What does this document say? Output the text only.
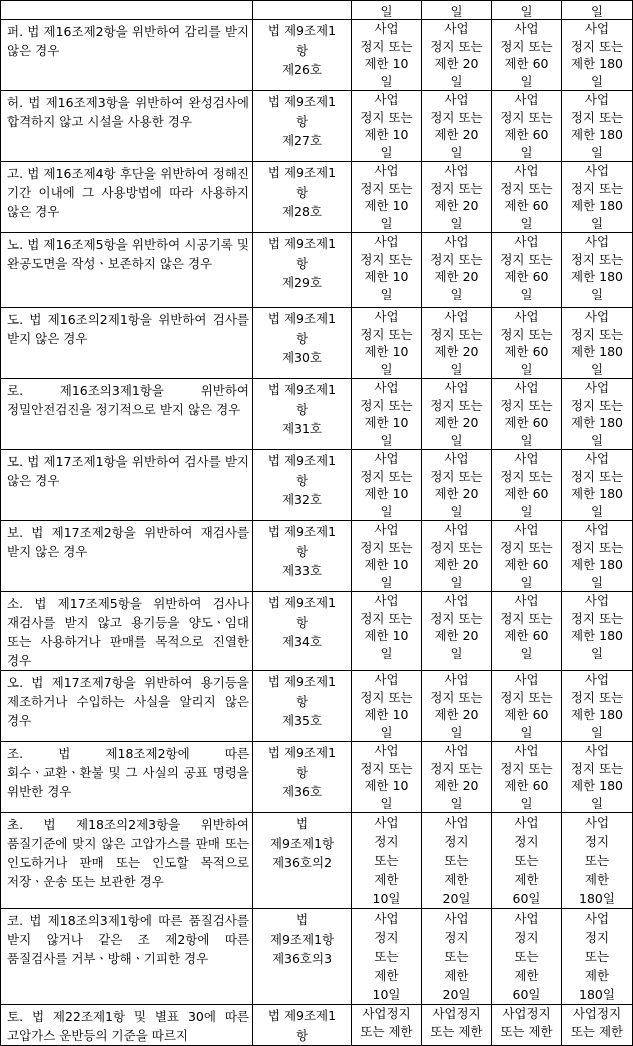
		일	일	일	일
퍼. 법 제16조제2항을 위반하여 감리를 받지 않은 경우	법 제9조제1
항
제26호	사업
정지 또는
제한 10
일	사업
정지 또는
제한 20
일	사업
정지 또는
제한 60
일	사업
정지 또는
제한 180
일

허. 법 제16조제3항을 위반하여 완성검사에 합격하지 않고 시설을 사용한 경우	법 제9조제1
항
제27호	사업
정지 또는
제한 10
일	사업
정지 또는
제한 20
일	사업
정지 또는
제한 60
일	사업
정지 또는
제한 180
일

고. 법 제16조제4항 후단을 위반하여 정해진 기간 이내에 그 사용방법에 따라 사용하지 않은 경우	법 제9조제1
항
제28호	사업
정지 또는
제한 10
일	사업
정지 또는
제한 20
일	사업
정지 또는
제한 60
일	사업
정지 또는
제한 180
일

노. 법 제16조제5항을 위반하여 시공기록 및 완공도면을 작성ㆍ보존하지 않은 경우	법 제9조제1
항
제29호	사업
정지 또는
제한 10
일	사업
정지 또는
제한 20
일	사업
정지 또는
제한 60
일	사업
정지 또는
제한 180
일

도. 법 제16조의2제1항을 위반하여 검사를 받지 않은 경우	법 제9조제1
항
제30호	사업
정지 또는
제한 10
일	사업
정지 또는
제한 20
일	사업
정지 또는
제한 60
일	사업
정지 또는
제한 180
일

로. 제16조의3제1항을 위반하여 정밀안전검진을 정기적으로 받지 않은 경우	법 제9조제1
항
제31호	사업
정지 또는
제한 10
일	사업
정지 또는
제한 20
일	사업
정지 또는
제한 60
일	사업
정지 또는
제한 180
일

모. 법 제17조제1항을 위반하여 검사를 받지 않은 경우	법 제9조제1
항
제32호	사업
정지 또는
제한 10
일	사업
정지 또는
제한 20
일	사업
정지 또는
제한 60
일	사업
정지 또는
제한 180
일

보. 법 제17조제2항을 위반하여 재검사를 받지 않은 경우	법 제9조제1
항
제33호	사업
정지 또는
제한 10
일	사업
정지 또는
제한 20
일	사업
정지 또는
제한 60
일	사업
정지 또는
제한 180
일

소. 법 제17조제5항을 위반하여 검사나 재검사를 받지 않고 용기등을 양도ㆍ임대 또는 사용하거나 판매를 목적으로 진열한 경우	법 제9조제1
항
제34호	사업
정지 또는
제한 10
일	사업
정지 또는
제한 20
일	사업
정지 또는
제한 60
일	사업
정지 또는
제한 180
일

오. 법 제17조제7항을 위반하여 용기등을 제조하거나 수입하는 사실을 알리지 않은 경우	법 제9조제1
항
제35호	사업
정지 또는
제한 10
일	사업
정지 또는
제한 20
일	사업
정지 또는
제한 60
일	사업
정지 또는
제한 180
일

조. 법 제18조제2항에 따른 회수ㆍ교환ㆍ환불 및 그 사실의 공표 명령을 위반한 경우	법 제9조제1
항
제36호	사업
정지 또는
제한 10
일	사업
정지 또는
제한 20
일	사업
정지 또는
제한 60
일	사업
정지 또는
제한 180
일

초. 법 제18조의2제3항을 위반하여 품질기준에 맞지 않은 고압가스를 판매 또는 인도하거나 판매 또는 인도할 목적으로 저장ㆍ운송 또는 보관한 경우	법
제9조제1항
제36호의2	사업
정지
또는
제한
10일	사업
정지
또는
제한
20일	사업
정지
또는
제한
60일	사업
정지
또는
제한
180일

코. 법 제18조의3제1항에 따른 품질검사를 받지 않거나 같은 조 제2항에 따른 품질검사를 거부ㆍ방해ㆍ기피한 경우	법
제9조제1항
제36호의3	사업
정지
또는
제한
10일	사업
정지
또는
제한
20일	사업
정지
또는
제한
60일	사업
정지
또는
제한
180일

토. 법 제22조제1항 및 별표 30에 따른 고압가스 운반등의 기준을 따르지	법 제9조제1
항	사업정지
또는 제한	사업정지
또는 제한	사업정지
또는 제한	사업정지
또는 제한
